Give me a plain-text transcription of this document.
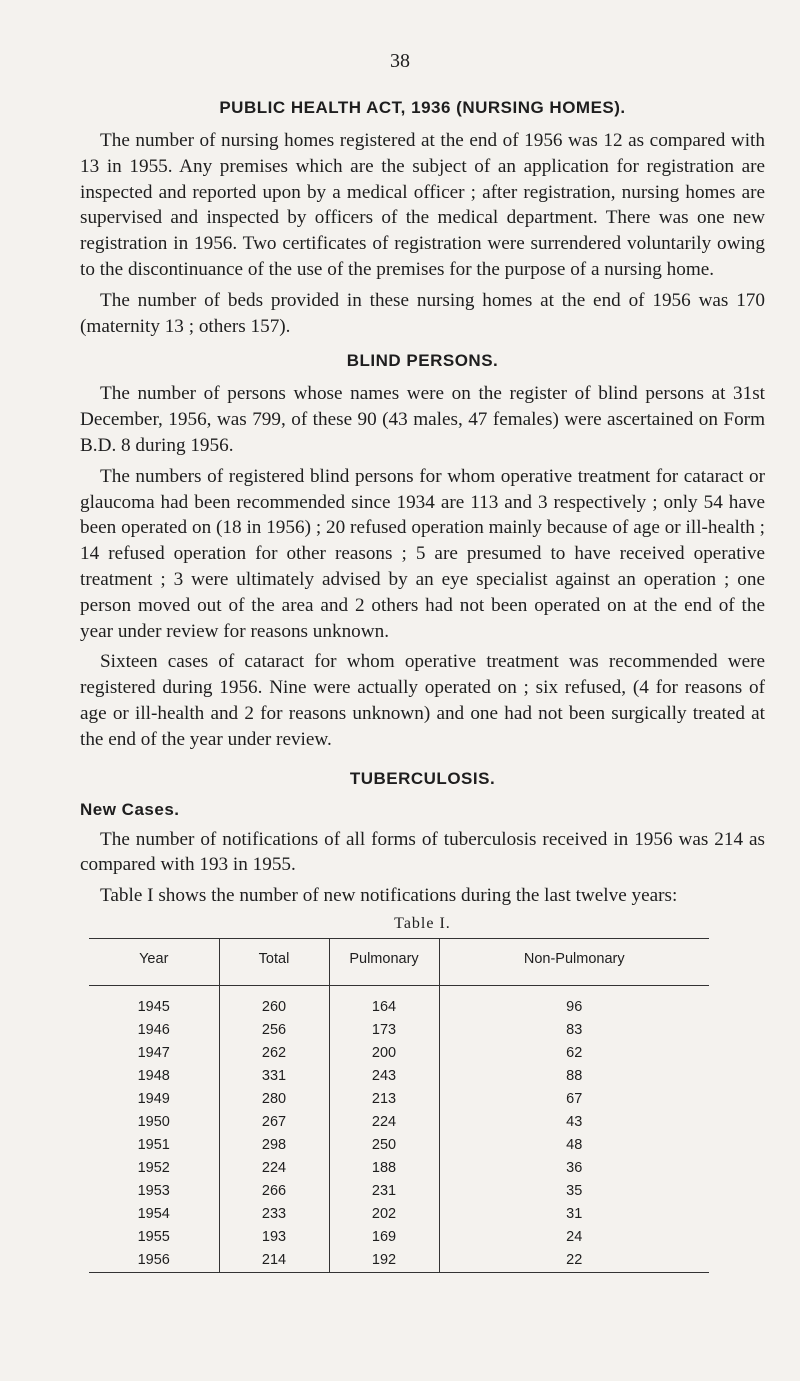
38
PUBLIC HEALTH ACT, 1936 (NURSING HOMES).

The number of nursing homes registered at the end of 1956 was 12 as compared with 13 in 1955. Any premises which are the subject of an application for registration are inspected and reported upon by a medical officer ; after registration, nursing homes are supervised and inspected by officers of the medical department. There was one new registration in 1956. Two certificates of registration were surrendered voluntarily owing to the discontinuance of the use of the premises for the purpose of a nursing home.

The number of beds provided in these nursing homes at the end of 1956 was 170 (maternity 13 ; others 157).

BLIND PERSONS.

The number of persons whose names were on the register of blind persons at 31st December, 1956, was 799, of these 90 (43 males, 47 females) were ascertained on Form B.D. 8 during 1956.

The numbers of registered blind persons for whom operative treatment for cataract or glaucoma had been recommended since 1934 are 113 and 3 respectively ; only 54 have been operated on (18 in 1956) ; 20 refused operation mainly because of age or ill-health ; 14 refused operation for other reasons ; 5 are presumed to have received operative treatment ; 3 were ultimately advised by an eye specialist against an operation ; one person moved out of the area and 2 others had not been operated on at the end of the year under review for reasons unknown.

Sixteen cases of cataract for whom operative treatment was recommended were registered during 1956. Nine were actually operated on ; six refused, (4 for reasons of age or ill-health and 2 for reasons unknown) and one had not been surgically treated at the end of the year under review.

TUBERCULOSIS.
New Cases.

The number of notifications of all forms of tuberculosis received in 1956 was 214 as compared with 193 in 1955.

Table I shows the number of new notifications during the last twelve years:

Table I.
Year	Total	Pulmonary	Non-Pulmonary
1945	260	164	96
1946	256	173	83
1947	262	200	62
1948	331	243	88
1949	280	213	67
1950	267	224	43
1951	298	250	48
1952	224	188	36
1953	266	231	35
1954	233	202	31
1955	193	169	24
1956	214	192	22
